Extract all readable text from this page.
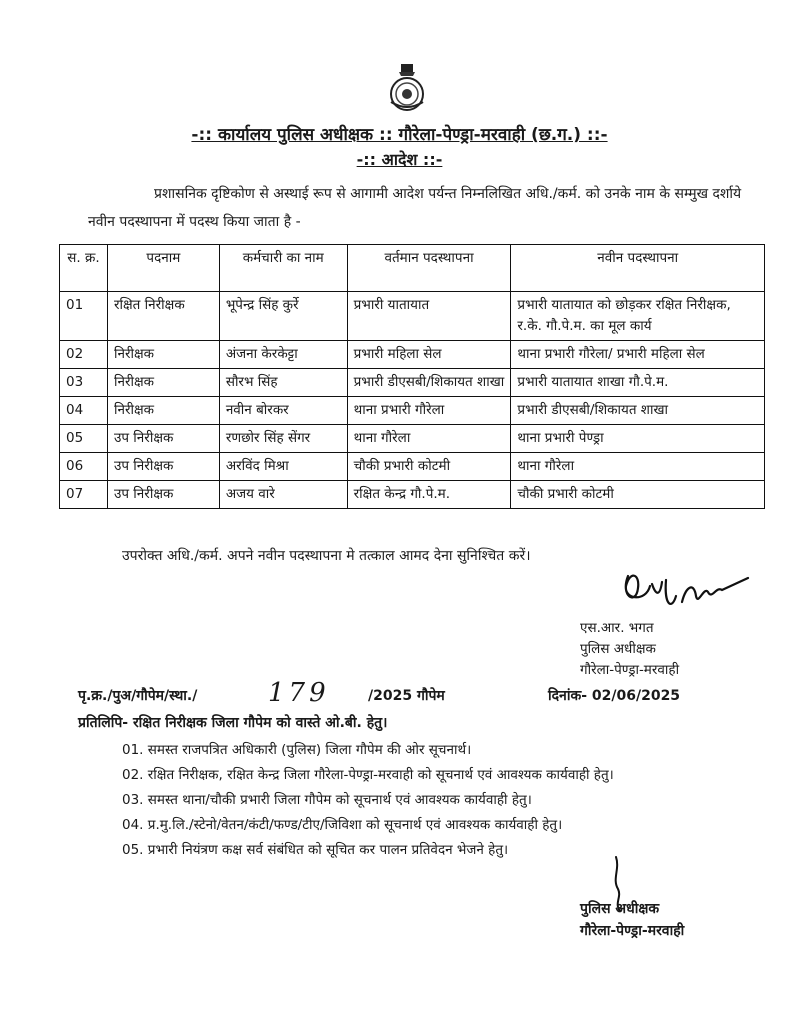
-:: कार्यालय पुलिस अधीक्षक :: गौरेला-पेण्ड्रा-मरवाही (छ.ग.) ::-
-:: आदेश ::-
प्रशासनिक दृष्टिकोण से अस्थाई रूप से आगामी आदेश पर्यन्त निम्नलिखित अधि./कर्म. को उनके नाम के सम्मुख दर्शाये नवीन पदस्थापना में पदस्थ किया जाता है -
स. क्र.	पदनाम	कर्मचारी का नाम	वर्तमान पदस्थापना	नवीन पदस्थापना
01	रक्षित निरीक्षक	भूपेन्द्र सिंह कुर्रे	प्रभारी यातायात	प्रभारी यातायात को छोड़कर रक्षित निरीक्षक, र.के. गौ.पे.म. का मूल कार्य
02	निरीक्षक	अंजना केरकेट्टा	प्रभारी महिला सेल	थाना प्रभारी गौरेला/ प्रभारी महिला सेल
03	निरीक्षक	सौरभ सिंह	प्रभारी डीएसबी/शिकायत शाखा	प्रभारी यातायात शाखा गौ.पे.म.
04	निरीक्षक	नवीन बोरकर	थाना प्रभारी गौरेला	प्रभारी डीएसबी/शिकायत शाखा
05	उप निरीक्षक	रणछोर सिंह सेंगर	थाना गौरेला	थाना प्रभारी पेण्ड्रा
06	उप निरीक्षक	अरविंद मिश्रा	चौकी प्रभारी कोटमी	थाना गौरेला
07	उप निरीक्षक	अजय वारे	रक्षित केन्द्र गौ.पे.म.	चौकी प्रभारी कोटमी
उपरोक्त अधि./कर्म. अपने नवीन पदस्थापना मे तत्काल आमद देना सुनिश्चित करें।
एस.आर. भगत
पुलिस अधीक्षक
गौरेला-पेण्ड्रा-मरवाही
पृ.क्र./पुअ/गौपेम/स्था./	179	/2025 गौपेम	दिनांक- 02/06/2025
प्रतिलिपि- रक्षित निरीक्षक जिला गौपेम को वास्ते ओ.बी. हेतु।
01. समस्त राजपत्रित अधिकारी (पुलिस) जिला गौपेम की ओर सूचनार्थ।
02. रक्षित निरीक्षक, रक्षित केन्द्र जिला गौरेला-पेण्ड्रा-मरवाही को सूचनार्थ एवं आवश्यक कार्यवाही हेतु।
03. समस्त थाना/चौकी प्रभारी जिला गौपेम को सूचनार्थ एवं आवश्यक कार्यवाही हेतु।
04. प्र.मु.लि./स्टेनो/वेतन/कंटी/फण्ड/टीए/जिविशा को सूचनार्थ एवं आवश्यक कार्यवाही हेतु।
05. प्रभारी नियंत्रण कक्ष सर्व संबंधित को सूचित कर पालन प्रतिवेदन भेजने हेतु।
पुलिस अधीक्षक
गौरेला-पेण्ड्रा-मरवाही
